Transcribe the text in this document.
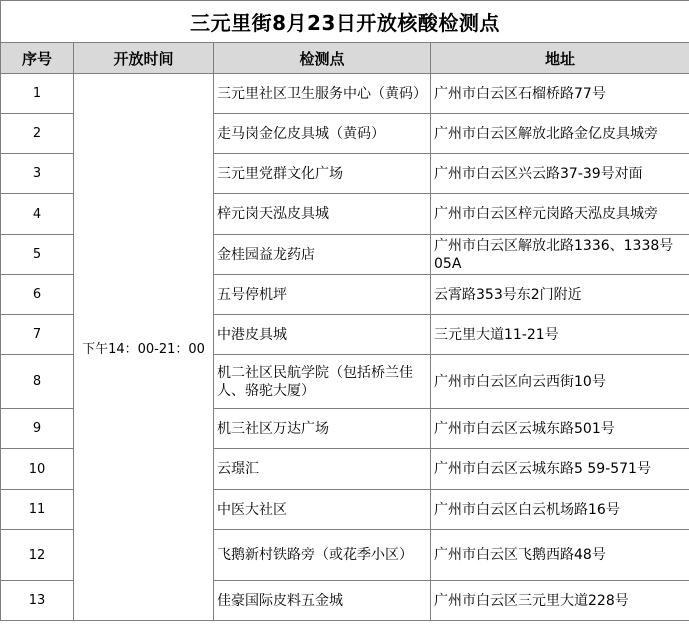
三元里街8月23日开放核酸检测点			
序号	开放时间	检测点	地址
1	下午14：00-21：00	三元里社区卫生服务中心（黄码）	广州市白云区石榴桥路77号
2		走马岗金亿皮具城（黄码）	广州市白云区解放北路金亿皮具城旁
3		三元里党群文化广场	广州市白云区兴云路37-39号对面
4		梓元岗天泓皮具城	广州市白云区梓元岗路天泓皮具城旁
5		金桂园益龙药店	广州市白云区解放北路1336、1338号05A
6		五号停机坪	云霄路353号东2门附近
7		中港皮具城	三元里大道11-21号
8		机二社区民航学院（包括桥兰佳人、骆驼大厦）	广州市白云区向云西街10号
9		机三社区万达广场	广州市白云区云城东路501号
10		云璟汇	广州市白云区云城东路5 59-571号
11		中医大社区	广州市白云区白云机场路16号
12		飞鹅新村铁路旁（或花季小区）	广州市白云区飞鹅西路48号
13		佳豪国际皮料五金城	广州市白云区三元里大道228号
